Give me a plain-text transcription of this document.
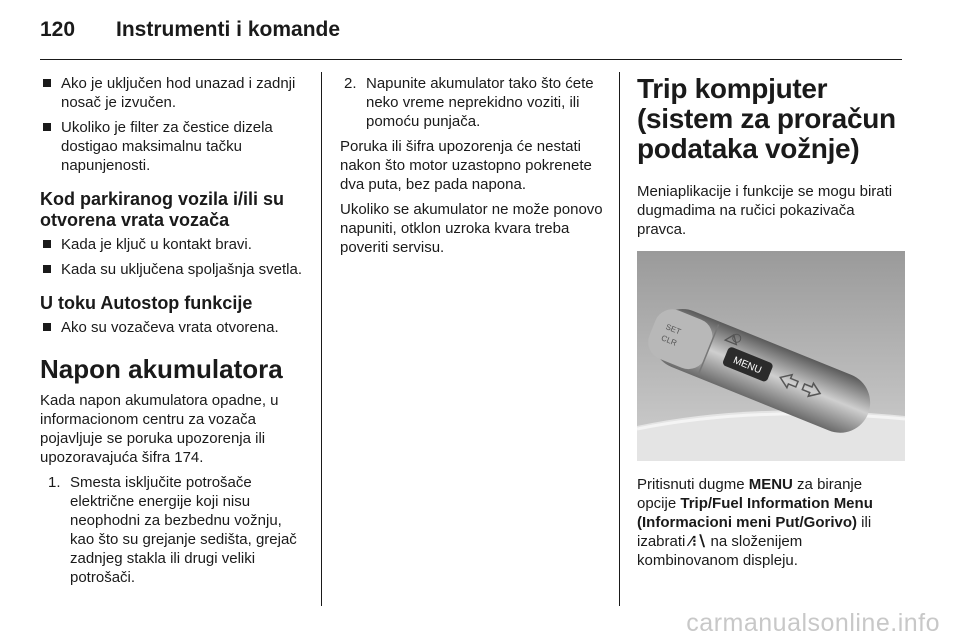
120	Instrumenti i komande
Ako je uključen hod unazad i zadnji nosač je izvučen.
Ukoliko je filter za čestice dizela dostigao maksimalnu tačku napunjenosti.
Kod parkiranog vozila i/ili su otvorena vrata vozača
Kada je ključ u kontakt bravi.
Kada su uključena spoljašnja svetla.
U toku Autostop funkcije
Ako su vozačeva vrata otvorena.
Napon akumulatora
Kada napon akumulatora opadne, u informacionom centru za vozača pojavljuje se poruka upozorenja ili upozoravajuća šifra 174.
1. Smesta isključite potrošače električne energije koji nisu neophodni za bezbednu vožnju, kao što su grejanje sedišta, grejač zadnjeg stakla ili drugi veliki potrošači.
2. Napunite akumulator tako što ćete neko vreme neprekidno voziti, ili pomoću punjača.
Poruka ili šifra upozorenja će nestati nakon što motor uzastopno pokrenete dva puta, bez pada napona.
Ukoliko se akumulator ne može ponovo napuniti, otklon uzroka kvara treba poveriti servisu.
Trip kompjuter (sistem za proračun podataka vožnje)
Meniaplikacije i funkcije se mogu birati dugmadima na ručici pokazivača pravca.
MENU
SET
CLR
Pritisnuti dugme MENU za biranje opcije Trip/Fuel Information Menu (Informacioni meni Put/Gorivo) ili izabrati ⁄⁝∖ na složenijem kombinovanom displeju.
carmanualsonline.info
